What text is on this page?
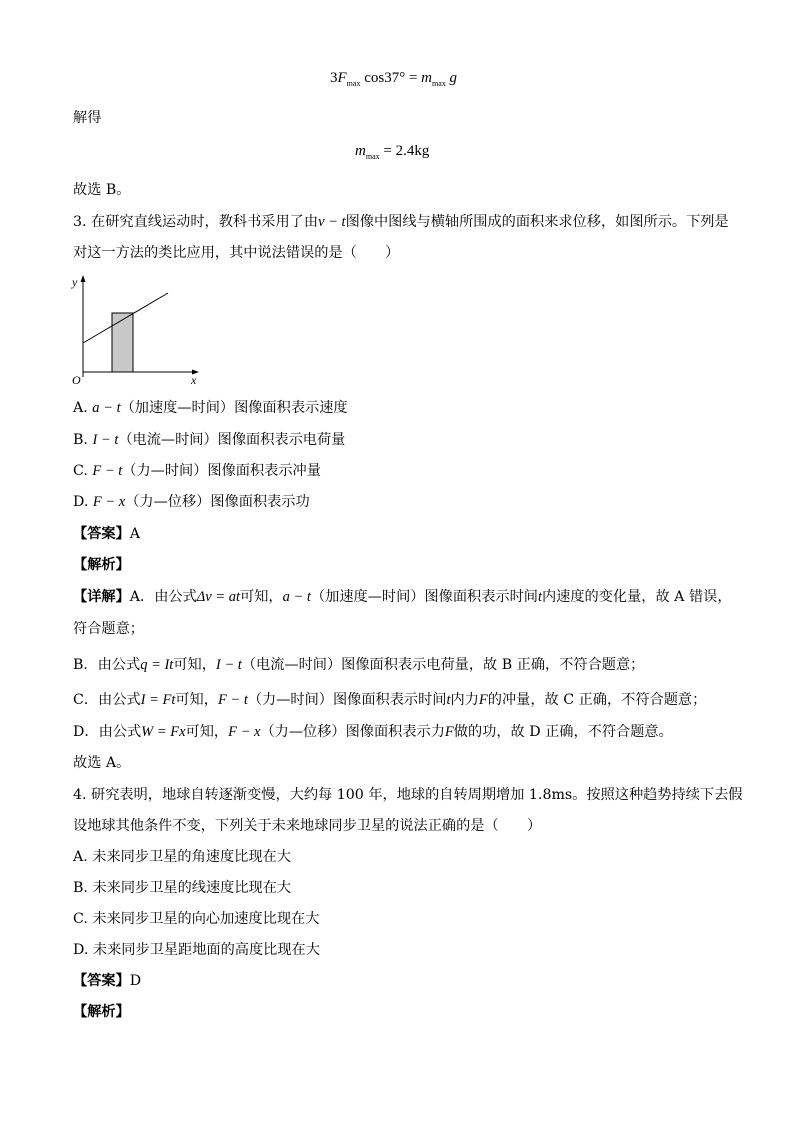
$3F_{max}$ $\cos 37^\circ = m_{max}$ g
解得
$m_{max} = 2.4kg$
故选 B。
3. 在研究直线运动时，教科书采用了由v − t图像中图线与横轴所围成的面积来求位移，如图所示。下列是
对这一方法的类比应用，其中说法错误的是（　　）
y
x
O
A. a − t（加速度—时间）图像面积表示速度
B. I − t（电流—时间）图像面积表示电荷量
C. F − t（力—时间）图像面积表示冲量
D. F − x（力—位移）图像面积表示功
【答案】A
【解析】
【详解】A．由公式Δv = at可知，a − t（加速度—时间）图像面积表示时间t内速度的变化量，故 A 错误，
符合题意；
B．由公式q = It可知，I − t（电流—时间）图像面积表示电荷量，故 B 正确，不符合题意；
C．由公式I = Ft可知，F − t（力—时间）图像面积表示时间t内力F的冲量，故 C 正确，不符合题意；
D．由公式W = Fx可知，F − x（力—位移）图像面积表示力F做的功，故 D 正确，不符合题意。
故选 A。
4. 研究表明，地球自转逐渐变慢，大约每 100 年，地球的自转周期增加 1.8ms。按照这种趋势持续下去假
设地球其他条件不变，下列关于未来地球同步卫星的说法正确的是（　　）
A. 未来同步卫星的角速度比现在大
B. 未来同步卫星的线速度比现在大
C. 未来同步卫星的向心加速度比现在大
D. 未来同步卫星距地面的高度比现在大
【答案】D
【解析】
